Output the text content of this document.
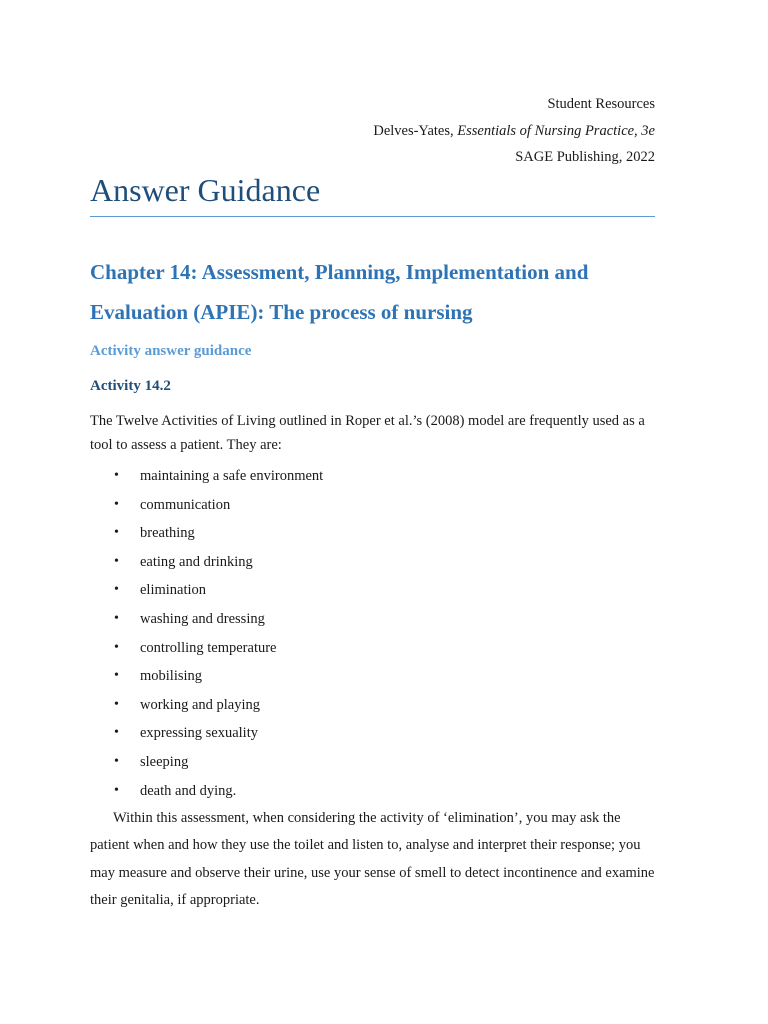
Student Resources
Delves-Yates, Essentials of Nursing Practice, 3e
SAGE Publishing, 2022
Answer Guidance
Chapter 14: Assessment, Planning, Implementation and Evaluation (APIE): The process of nursing
Activity answer guidance
Activity 14.2
The Twelve Activities of Living outlined in Roper et al.’s (2008) model are frequently used as a tool to assess a patient. They are:
• maintaining a safe environment
• communication
• breathing
• eating and drinking
• elimination
• washing and dressing
• controlling temperature
• mobilising
• working and playing
• expressing sexuality
• sleeping
• death and dying.
Within this assessment, when considering the activity of ‘elimination’, you may ask the patient when and how they use the toilet and listen to, analyse and interpret their response; you may measure and observe their urine, use your sense of smell to detect incontinence and examine their genitalia, if appropriate.
